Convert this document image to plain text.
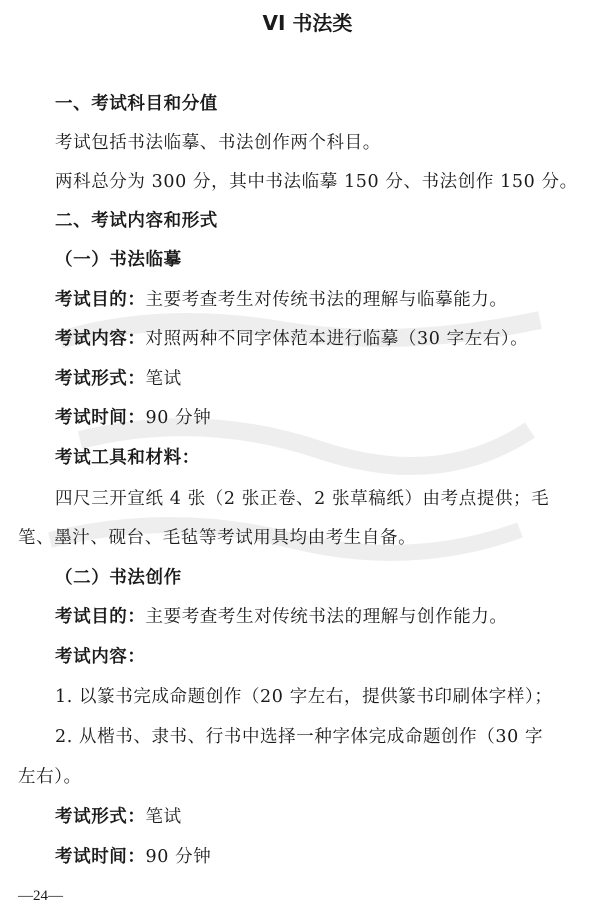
VI 书法类
一、考试科目和分值
考试包括书法临摹、书法创作两个科目。
两科总分为 300 分，其中书法临摹 150 分、书法创作 150 分。
二、考试内容和形式
（一）书法临摹
考试目的：主要考查考生对传统书法的理解与临摹能力。
考试内容：对照两种不同字体范本进行临摹（30 字左右）。
考试形式：笔试
考试时间：90 分钟
考试工具和材料：
四尺三开宣纸 4 张（2 张正卷、2 张草稿纸）由考点提供；毛
笔、墨汁、砚台、毛毡等考试用具均由考生自备。
（二）书法创作
考试目的：主要考查考生对传统书法的理解与创作能力。
考试内容：
1. 以篆书完成命题创作（20 字左右，提供篆书印刷体字样）；
2. 从楷书、隶书、行书中选择一种字体完成命题创作（30 字
左右）。
考试形式：笔试
考试时间：90 分钟
—24—
